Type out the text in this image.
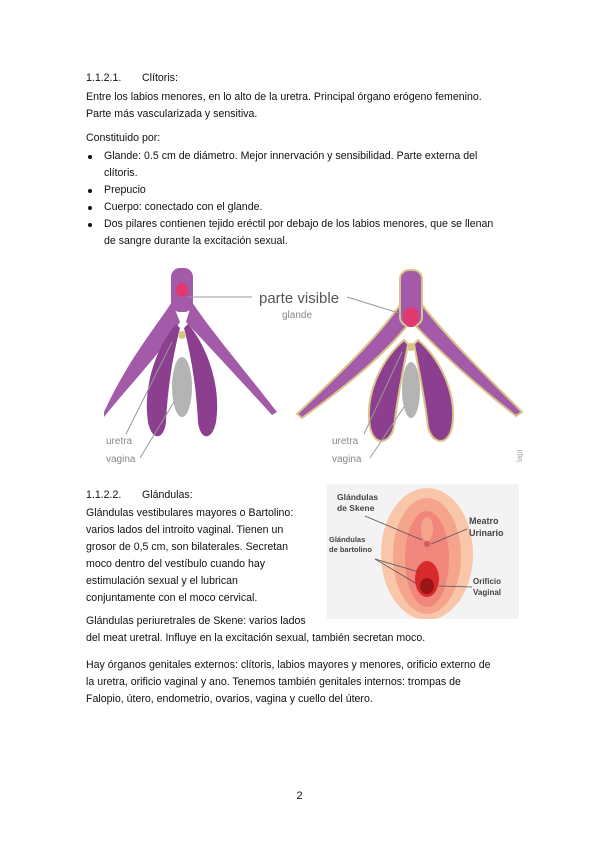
1.1.2.1. Clítoris:
Entre los labios menores, en lo alto de la uretra. Principal órgano erógeno femenino.
Parte más vascularizada y sensitiva.
Constituido por:
Glande: 0.5 cm de diámetro. Mejor innervación y sensibilidad. Parte externa del
clítoris.
Prepucio
Cuerpo: conectado con el glande.
Dos pilares contienen tejido eréctil por debajo de los labios menores, que se llenan
de sangre durante la excitación sexual.
parte visible
glande
uretra
vagina
uretra
vagina	lapi
1.1.2.2. Glándulas:
Glándulas vestibulares mayores o Bartolino:
varios lados del introito vaginal. Tienen un
grosor de 0,5 cm, son bilaterales. Secretan
moco dentro del vestíbulo cuando hay
estimulación sexual y el lubrican
conjuntamente con el moco cervical.
Glándulas periuretrales de Skene: varios lados
del meat uretral. Influye en la excitación sexual, también secretan moco.
Glándulas
de Skene
Glándulas
de bartolino
Meatro
Urinario
Orificio
Vaginal
Hay órganos genitales externos: clítoris, labios mayores y menores, orificio externo de
la uretra, orificio vaginal y ano. Tenemos también genitales internos: trompas de
Falopio, útero, endometrio, ovarios, vagina y cuello del útero.
2
